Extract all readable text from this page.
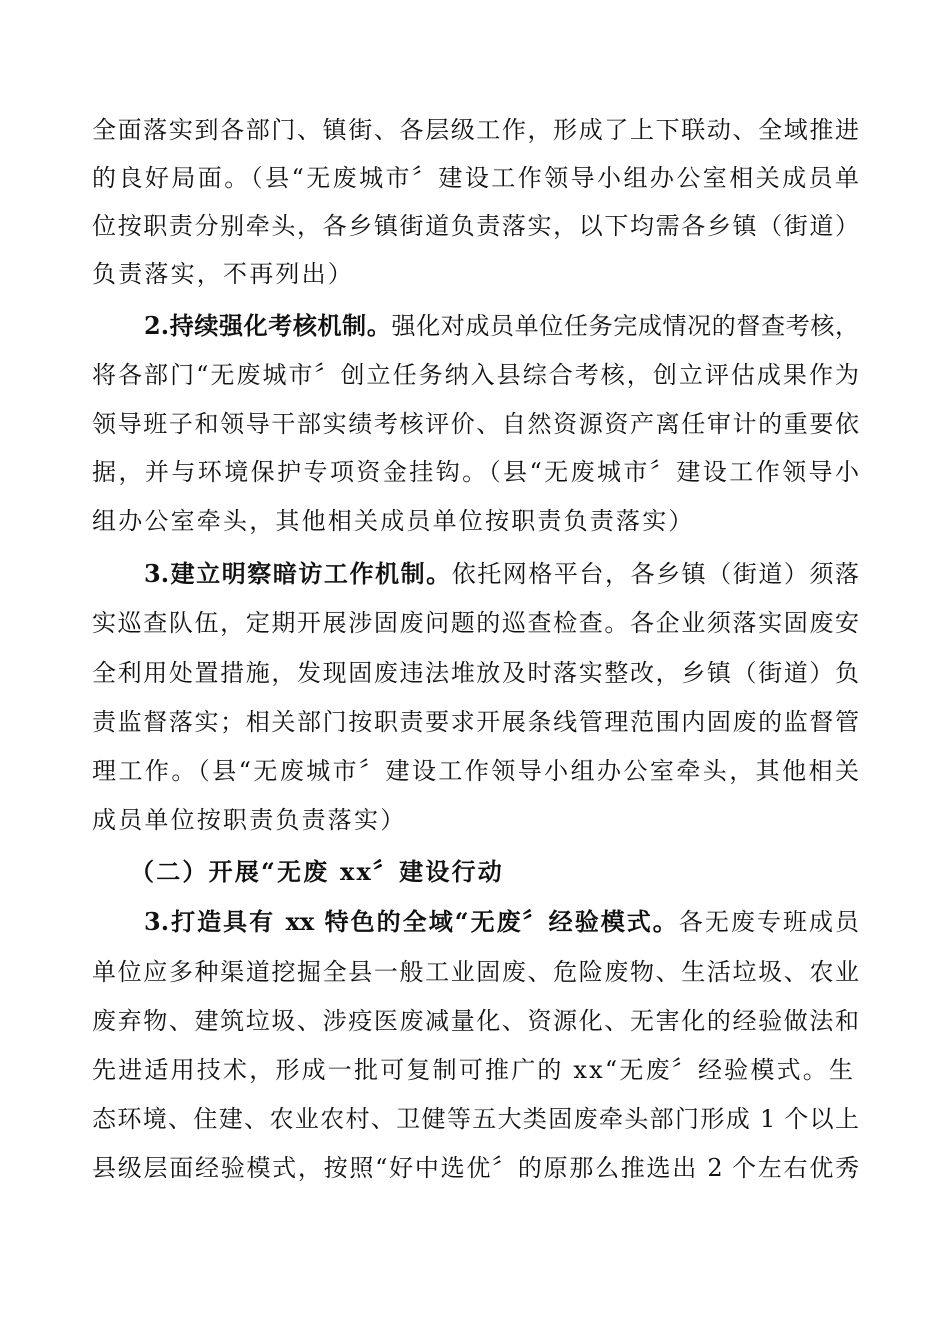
全面落实到各部门、镇街、各层级工作，形成了上下联动、全域推进
的良好局面。（县“无废城市〞建设工作领导小组办公室相关成员单
位按职责分别牵头，各乡镇街道负责落实，以下均需各乡镇（街道）
负责落实，不再列出）
2.持续强化考核机制。强化对成员单位任务完成情况的督查考核，
将各部门“无废城市〞创立任务纳入县综合考核，创立评估成果作为
领导班子和领导干部实绩考核评价、自然资源资产离任审计的重要依
据，并与环境保护专项资金挂钩。（县“无废城市〞建设工作领导小
组办公室牵头，其他相关成员单位按职责负责落实）
3.建立明察暗访工作机制。依托网格平台，各乡镇（街道）须落
实巡查队伍，定期开展涉固废问题的巡查检查。各企业须落实固废安
全利用处置措施，发现固废违法堆放及时落实整改，乡镇（街道）负
责监督落实；相关部门按职责要求开展条线管理范围内固废的监督管
理工作。（县“无废城市〞建设工作领导小组办公室牵头，其他相关
成员单位按职责负责落实）
（二）开展“无废 xx〞建设行动
3.打造具有 xx 特色的全域“无废〞经验模式。各无废专班成员
单位应多种渠道挖掘全县一般工业固废、危险废物、生活垃圾、农业
废弃物、建筑垃圾、涉疫医废减量化、资源化、无害化的经验做法和
先进适用技术，形成一批可复制可推广的 xx“无废〞经验模式。生
态环境、住建、农业农村、卫健等五大类固废牵头部门形成 1 个以上
县级层面经验模式，按照“好中选优〞的原那么推选出 2 个左右优秀
